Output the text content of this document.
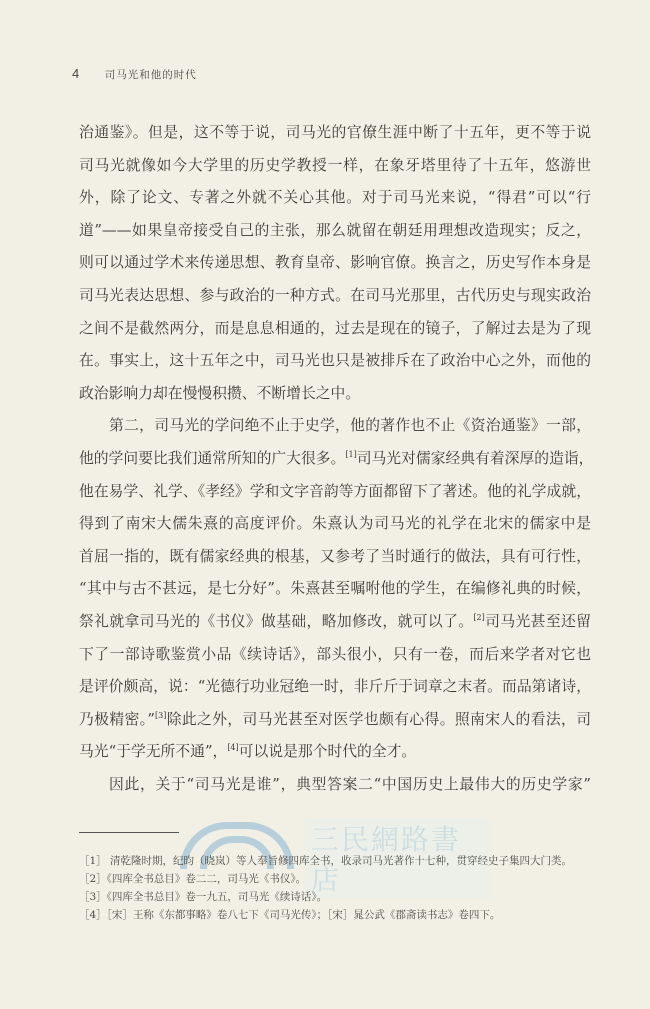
4 司马光和他的时代
治通鉴》。但是，这不等于说，司马光的官僚生涯中断了十五年，更不等于说
司马光就像如今大学里的历史学教授一样，在象牙塔里待了十五年，悠游世
外，除了论文、专著之外就不关心其他。对于司马光来说，“得君”可以“行
道”——如果皇帝接受自己的主张，那么就留在朝廷用理想改造现实；反之，
则可以通过学术来传递思想、教育皇帝、影响官僚。换言之，历史写作本身是
司马光表达思想、参与政治的一种方式。在司马光那里，古代历史与现实政治
之间不是截然两分，而是息息相通的，过去是现在的镜子，了解过去是为了现
在。事实上，这十五年之中，司马光也只是被排斥在了政治中心之外，而他的
政治影响力却在慢慢积攒、不断增长之中。
第二，司马光的学问绝不止于史学，他的著作也不止《资治通鉴》一部，
他的学问要比我们通常所知的广大很多。[1]司马光对儒家经典有着深厚的造诣，
他在易学、礼学、《孝经》学和文字音韵等方面都留下了著述。他的礼学成就，
得到了南宋大儒朱熹的高度评价。朱熹认为司马光的礼学在北宋的儒家中是
首屈一指的，既有儒家经典的根基，又参考了当时通行的做法，具有可行性，
“其中与古不甚远，是七分好”。朱熹甚至嘱咐他的学生，在编修礼典的时候，
祭礼就拿司马光的《书仪》做基础，略加修改，就可以了。[2]司马光甚至还留
下了一部诗歌鉴赏小品《续诗话》，部头很小，只有一卷，而后来学者对它也
是评价颇高，说：“光德行功业冠绝一时，非斤斤于词章之末者。而品第诸诗，
乃极精密。”[3]除此之外，司马光甚至对医学也颇有心得。照南宋人的看法，司
马光“于学无所不通”，[4]可以说是那个时代的全才。
因此，关于“司马光是谁”，典型答案二“中国历史上最伟大的历史学家”
三民網路書店
［1］ 清乾隆时期，纪昀（晓岚）等人奉旨修四库全书，收录司马光著作十七种，贯穿经史子集四大门类。
［2］《四库全书总目》卷二二，司马光《书仪》。
［3］《四库全书总目》卷一九五，司马光《续诗话》。
［4］［宋］王称《东都事略》卷八七下《司马光传》；［宋］晁公武《郡斋读书志》卷四下。
